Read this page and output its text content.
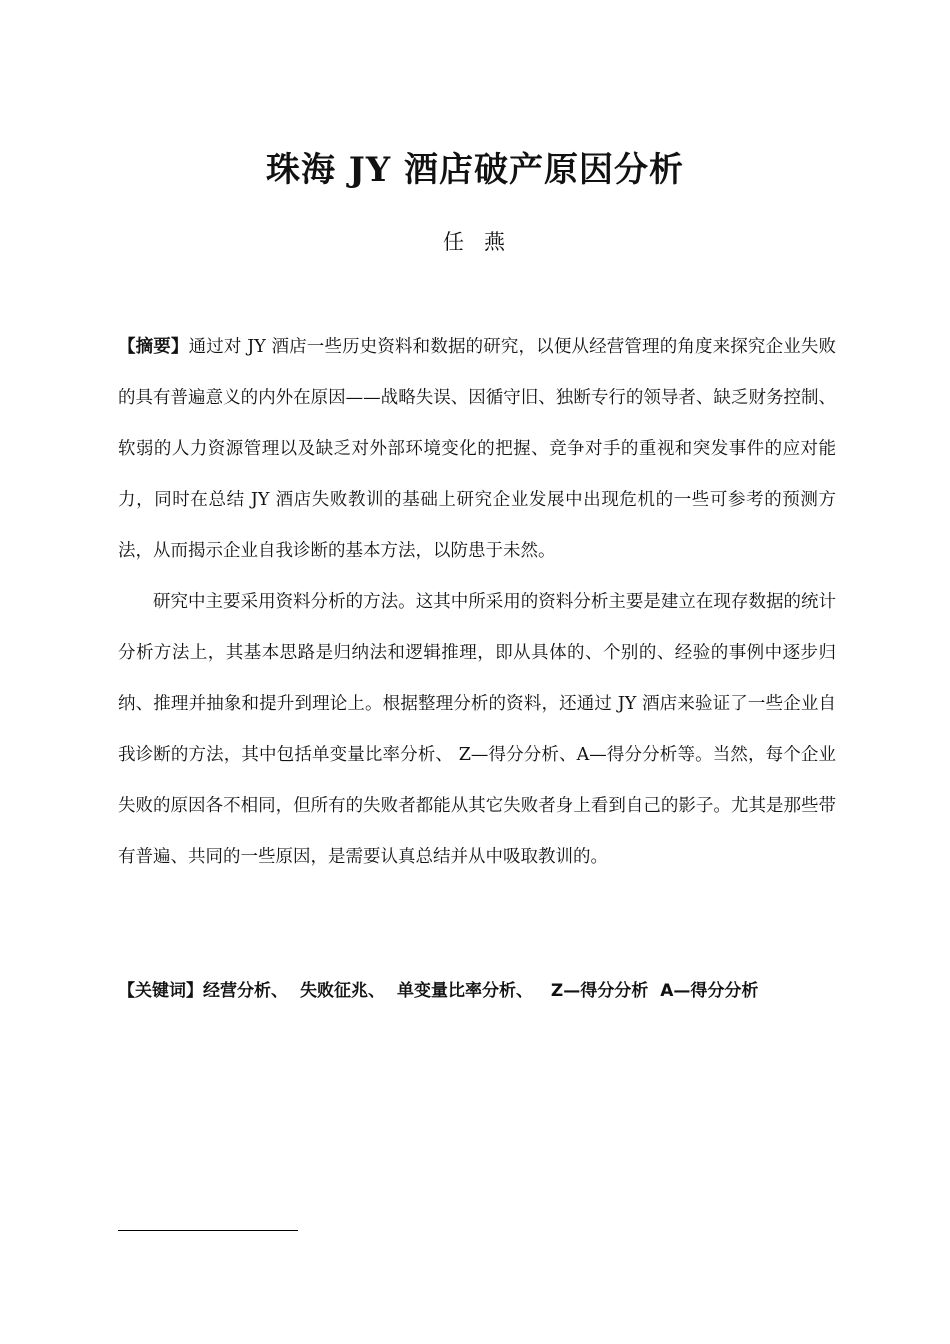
珠海 JY 酒店破产原因分析
任燕

【摘要】通过对 JY 酒店一些历史资料和数据的研究，以便从经营管理的角度来探究企业失败的具有普遍意义的内外在原因——战略失误、因循守旧、独断专行的领导者、缺乏财务控制、软弱的人力资源管理以及缺乏对外部环境变化的把握、竞争对手的重视和突发事件的应对能力，同时在总结 JY 酒店失败教训的基础上研究企业发展中出现危机的一些可参考的预测方法，从而揭示企业自我诊断的基本方法，以防患于未然。

研究中主要采用资料分析的方法。这其中所采用的资料分析主要是建立在现存数据的统计分析方法上，其基本思路是归纳法和逻辑推理，即从具体的、个别的、经验的事例中逐步归纳、推理并抽象和提升到理论上。根据整理分析的资料，还通过 JY 酒店来验证了一些企业自我诊断的方法，其中包括单变量比率分析、 Z—得分分析、A—得分分析等。当然，每个企业失败的原因各不相同，但所有的失败者都能从其它失败者身上看到自己的影子。尤其是那些带有普遍、共同的一些原因，是需要认真总结并从中吸取教训的。

【关键词】经营分析、 失败征兆、 单变量比率分析、 Z—得分分析 A—得分分析
